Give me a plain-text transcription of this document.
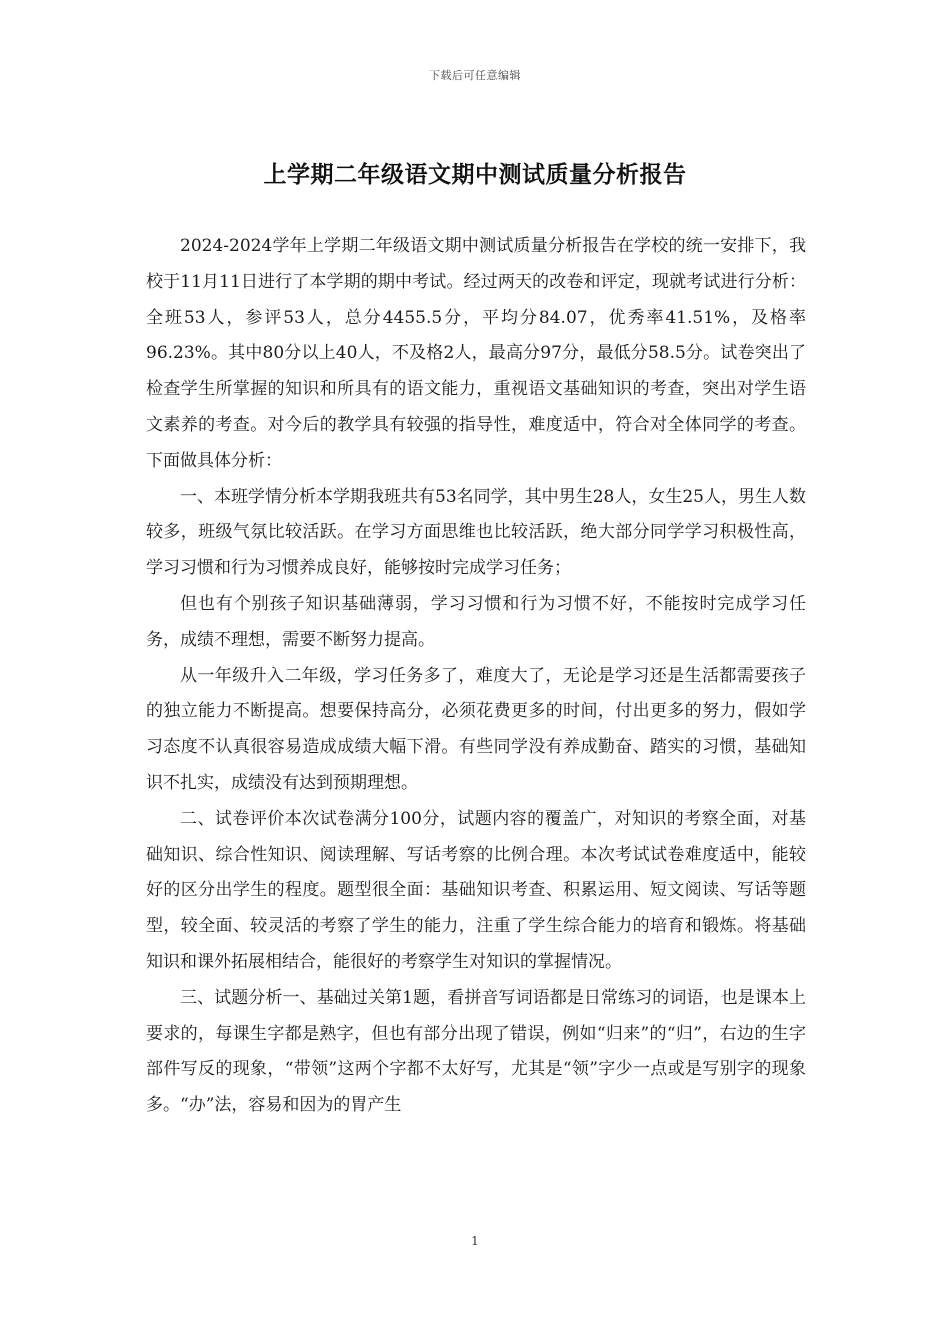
下载后可任意编辑
上学期二年级语文期中测试质量分析报告

2024-2024学年上学期二年级语文期中测试质量分析报告在学校的统一安排下，我校于11月11日进行了本学期的期中考试。经过两天的改卷和评定，现就考试进行分析：全班53人，参评53人，总分4455.5分，平均分84.07，优秀率41.51%，及格率96.23%。其中80分以上40人，不及格2人，最高分97分，最低分58.5分。试卷突出了检查学生所掌握的知识和所具有的语文能力，重视语文基础知识的考查，突出对学生语文素养的考查。对今后的教学具有较强的指导性，难度适中，符合对全体同学的考查。下面做具体分析：

一、本班学情分析本学期我班共有53名同学，其中男生28人，女生25人，男生人数较多，班级气氛比较活跃。在学习方面思维也比较活跃，绝大部分同学学习积极性高，学习习惯和行为习惯养成良好，能够按时完成学习任务；

但也有个别孩子知识基础薄弱，学习习惯和行为习惯不好，不能按时完成学习任务，成绩不理想，需要不断努力提高。

从一年级升入二年级，学习任务多了，难度大了，无论是学习还是生活都需要孩子的独立能力不断提高。想要保持高分，必须花费更多的时间，付出更多的努力，假如学习态度不认真很容易造成成绩大幅下滑。有些同学没有养成勤奋、踏实的习惯，基础知识不扎实，成绩没有达到预期理想。

二、试卷评价本次试卷满分100分，试题内容的覆盖广，对知识的考察全面，对基础知识、综合性知识、阅读理解、写话考察的比例合理。本次考试试卷难度适中，能较好的区分出学生的程度。题型很全面：基础知识考查、积累运用、短文阅读、写话等题型，较全面、较灵活的考察了学生的能力，注重了学生综合能力的培育和锻炼。将基础知识和课外拓展相结合，能很好的考察学生对知识的掌握情况。

三、试题分析一、基础过关第1题，看拼音写词语都是日常练习的词语，也是课本上要求的，每课生字都是熟字，但也有部分出现了错误，例如“归来”的“归”，右边的生字部件写反的现象，“带领”这两个字都不太好写，尤其是“领”字少一点或是写别字的现象多。“办”法，容易和因为的胃产生

1
